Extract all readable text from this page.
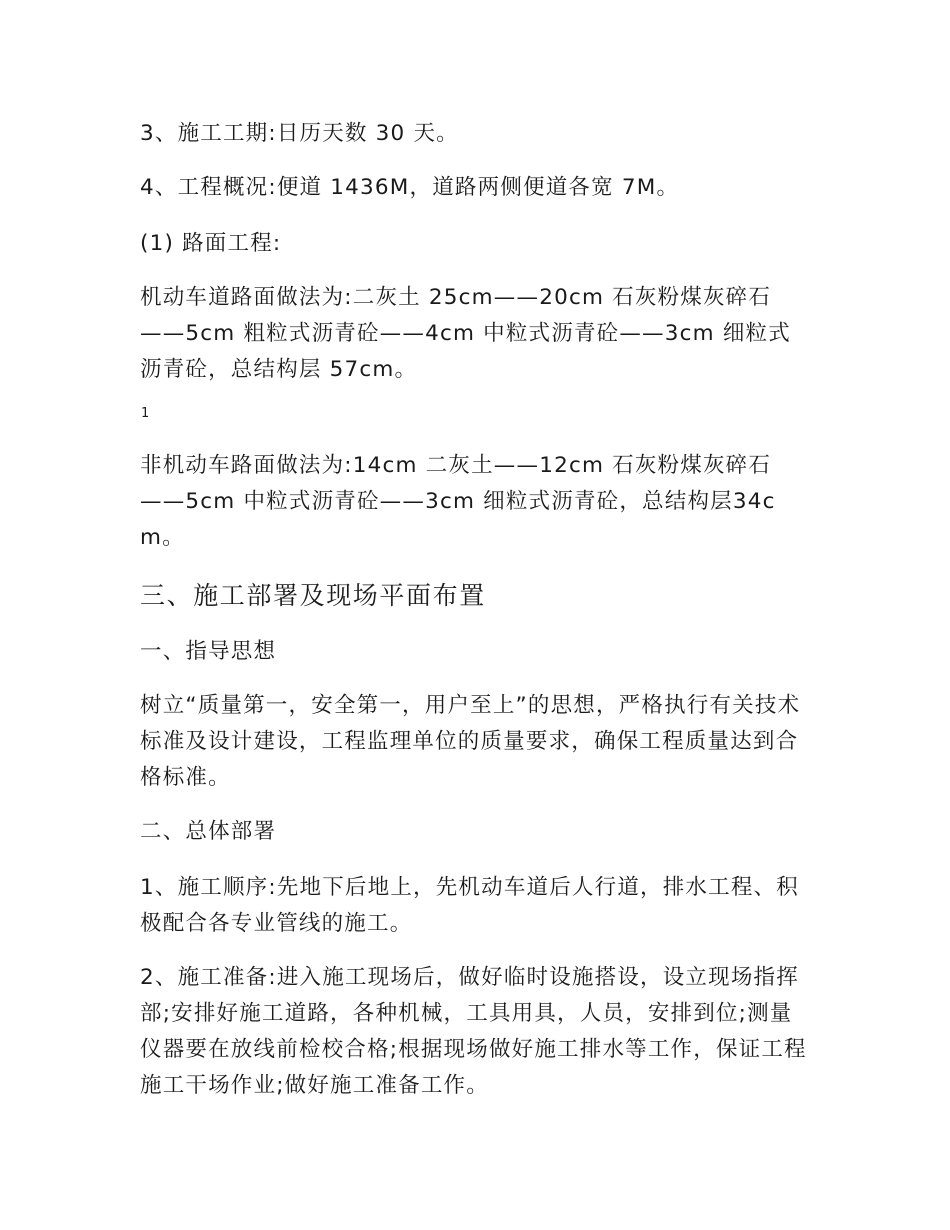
3、施工工期:日历天数 30 天。

4、工程概况:便道 1436M，道路两侧便道各宽 7M。

(1) 路面工程:

机动车道路面做法为:二灰土 25cm——20cm 石灰粉煤灰碎石——5cm 粗粒式沥青砼——4cm 中粒式沥青砼——3cm 细粒式沥青砼，总结构层 57cm。

1

非机动车路面做法为:14cm 二灰土——12cm 石灰粉煤灰碎石——5cm 中粒式沥青砼——3cm 细粒式沥青砼，总结构层34cm。

三、施工部署及现场平面布置

一、指导思想

树立“质量第一，安全第一，用户至上”的思想，严格执行有关技术标准及设计建设，工程监理单位的质量要求，确保工程质量达到合格标准。

二、总体部署

1、施工顺序:先地下后地上，先机动车道后人行道，排水工程、积极配合各专业管线的施工。

2、施工准备:进入施工现场后，做好临时设施搭设，设立现场指挥部;安排好施工道路，各种机械，工具用具，人员，安排到位;测量仪器要在放线前检校合格;根据现场做好施工排水等工作，保证工程施工干场作业;做好施工准备工作。
